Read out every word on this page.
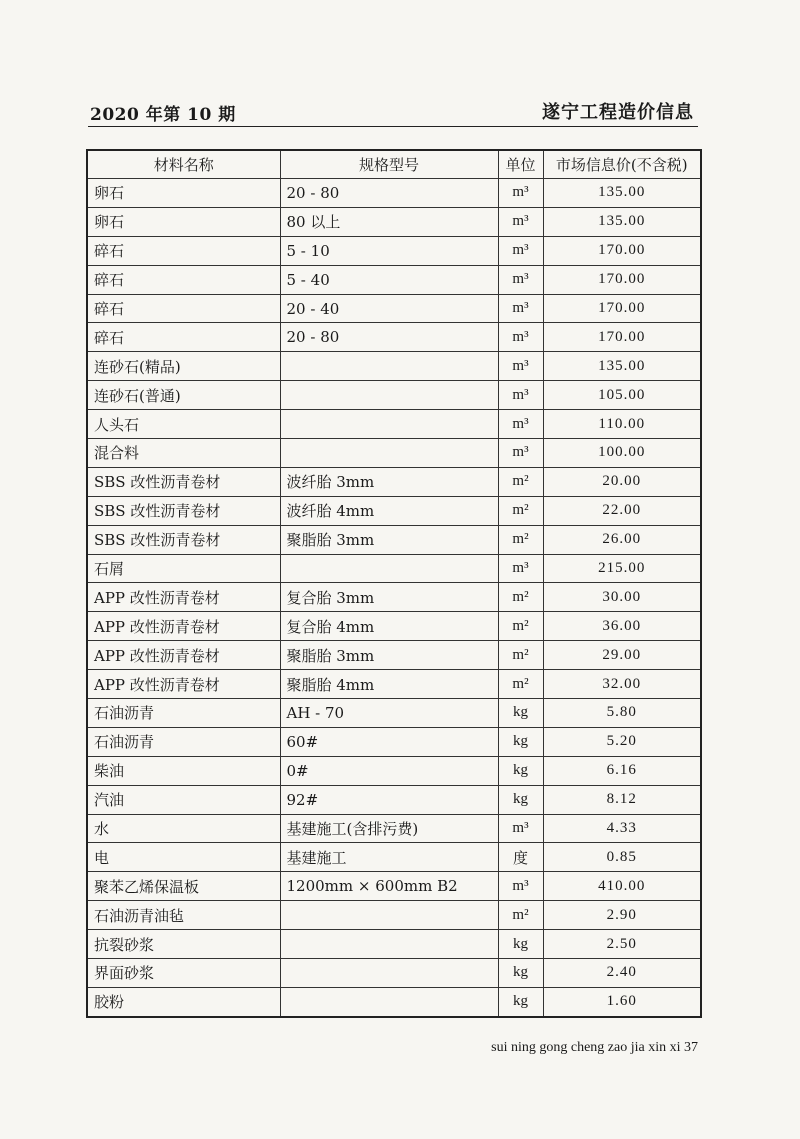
2020 年第 10 期	遂宁工程造价信息
材料名称	规格型号	单位	市场信息价(不含税)
卵石	20 - 80	m³	135.00
卵石	80 以上	m³	135.00
碎石	5 - 10	m³	170.00
碎石	5 - 40	m³	170.00
碎石	20 - 40	m³	170.00
碎石	20 - 80	m³	170.00
连砂石(精品)		m³	135.00
连砂石(普通)		m³	105.00
人头石		m³	110.00
混合料		m³	100.00
SBS 改性沥青卷材	波纤胎 3mm	m²	20.00
SBS 改性沥青卷材	波纤胎 4mm	m²	22.00
SBS 改性沥青卷材	聚脂胎 3mm	m²	26.00
石屑		m³	215.00
APP 改性沥青卷材	复合胎 3mm	m²	30.00
APP 改性沥青卷材	复合胎 4mm	m²	36.00
APP 改性沥青卷材	聚脂胎 3mm	m²	29.00
APP 改性沥青卷材	聚脂胎 4mm	m²	32.00
石油沥青	AH - 70	kg	5.80
石油沥青	60#	kg	5.20
柴油	0#	kg	6.16
汽油	92#	kg	8.12
水	基建施工(含排污费)	m³	4.33
电	基建施工	度	0.85
聚苯乙烯保温板	1200mm × 600mm B2	m³	410.00
石油沥青油毡		m²	2.90
抗裂砂浆		kg	2.50
界面砂浆		kg	2.40
胶粉		kg	1.60
sui ning gong cheng zao jia xin xi 37
